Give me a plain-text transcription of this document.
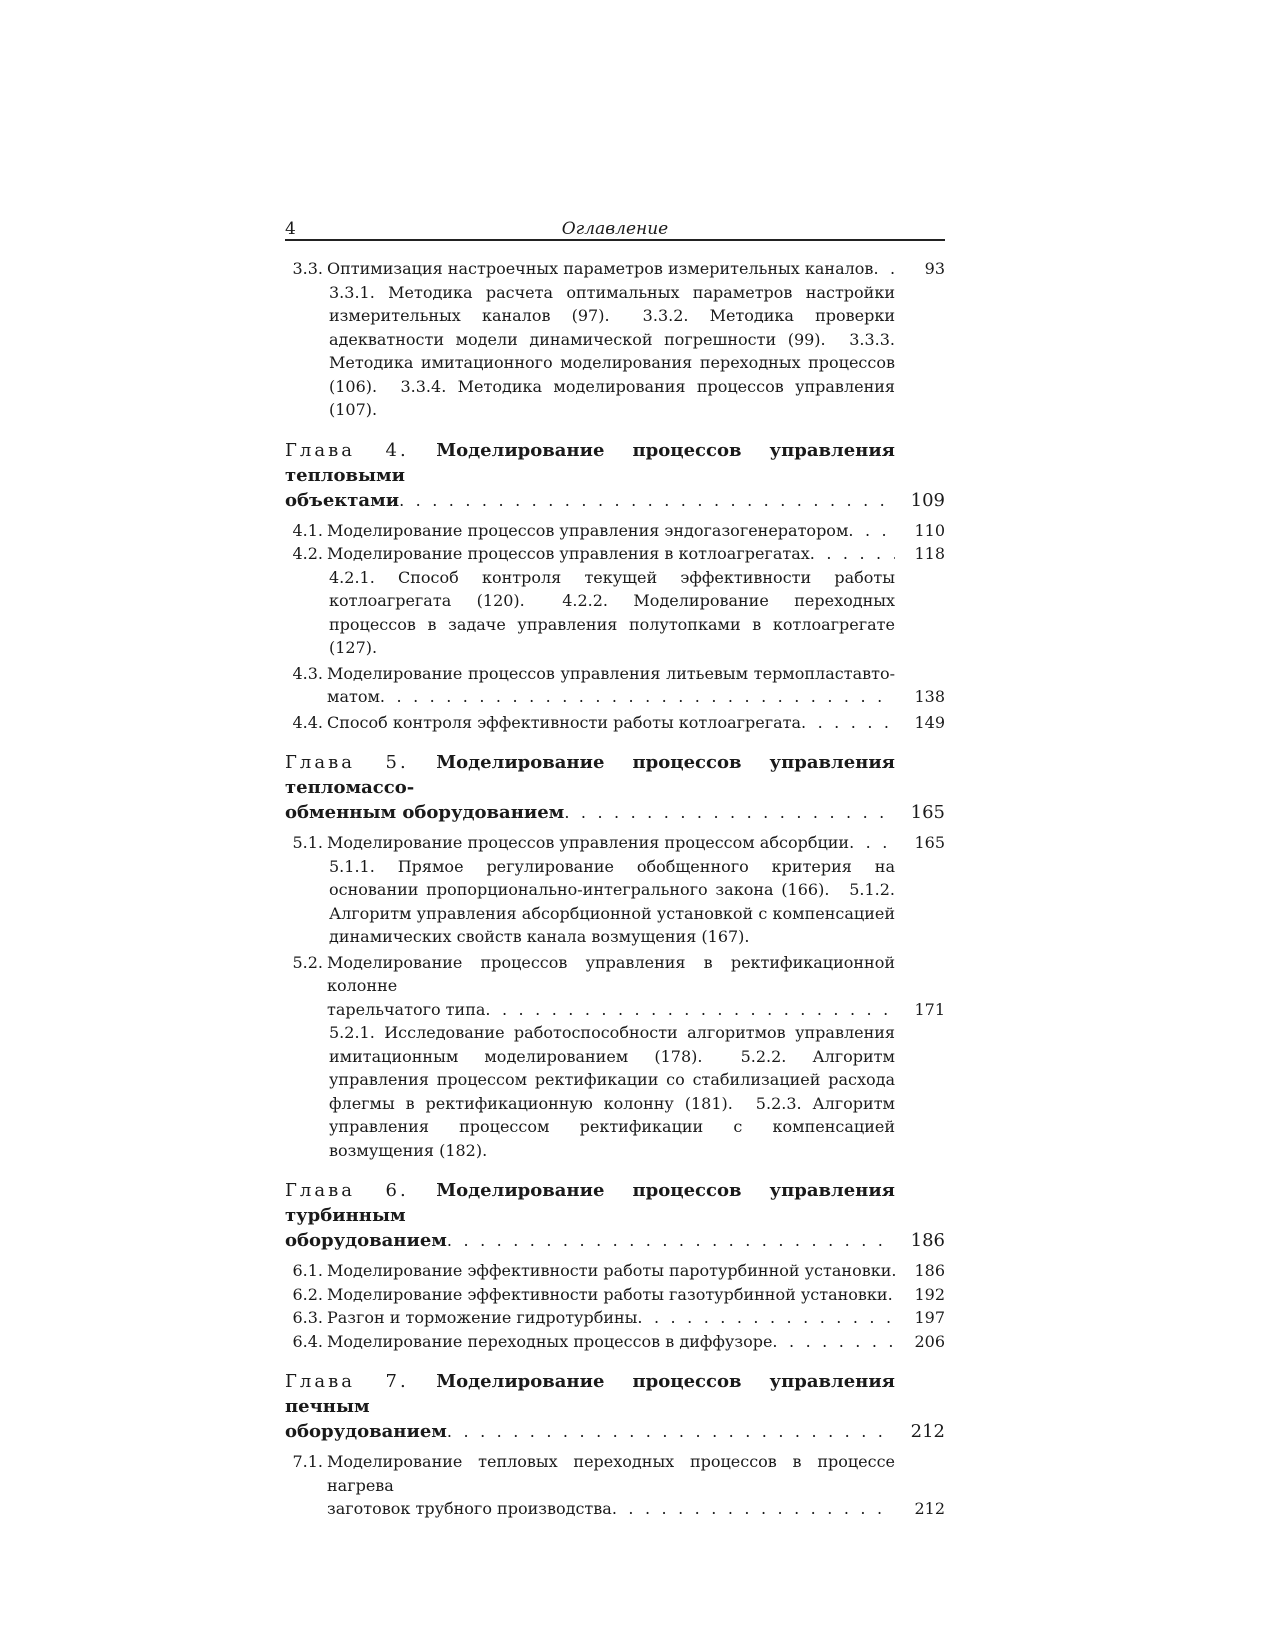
4	Оглавление
3.3. Оптимизация настроечных параметров измерительных каналов . . .	93
3.3.1. Методика расчета оптимальных параметров настройки измерительных каналов (97). 3.3.2. Методика проверки адекватности модели динамической погрешности (99). 3.3.3. Методика имитационного моделирования переходных процессов (106). 3.3.4. Методика моделирования процессов управления (107).
Глава 4. Моделирование процессов управления тепловыми
объектами . . .	109
4.1. Моделирование процессов управления эндогазогенератором . . .	110
4.2. Моделирование процессов управления в котлоагрегатах . . .	118
4.2.1. Способ контроля текущей эффективности работы котлоагрегата (120). 4.2.2. Моделирование переходных процессов в задаче управления полутопками в котлоагрегате (127).
4.3. Моделирование процессов управления литьевым термопластавто-
матом . . .	138
4.4. Способ контроля эффективности работы котлоагрегата . . .	149
Глава 5. Моделирование процессов управления тепломассо-
обменным оборудованием . . .	165
5.1. Моделирование процессов управления процессом абсорбции . . .	165
5.1.1. Прямое регулирование обобщенного критерия на основании пропорционально-интегрального закона (166). 5.1.2. Алгоритм управления абсорбционной установкой с компенсацией динамических свойств канала возмущения (167).
5.2. Моделирование процессов управления в ректификационной колонне
тарельчатого типа . . .	171
5.2.1. Исследование работоспособности алгоритмов управления имитационным моделированием (178). 5.2.2. Алгоритм управления процессом ректификации со стабилизацией расхода флегмы в ректификационную колонну (181). 5.2.3. Алгоритм управления процессом ректификации с компенсацией возмущения (182).
Глава 6. Моделирование процессов управления турбинным
оборудованием . . .	186
6.1. Моделирование эффективности работы паротурбинной установки . . .	186
6.2. Моделирование эффективности работы газотурбинной установки . . .	192
6.3. Разгон и торможение гидротурбины . . .	197
6.4. Моделирование переходных процессов в диффузоре . . .	206
Глава 7. Моделирование процессов управления печным
оборудованием . . .	212
7.1. Моделирование тепловых переходных процессов в процессе нагрева
заготовок трубного производства . . .	212
